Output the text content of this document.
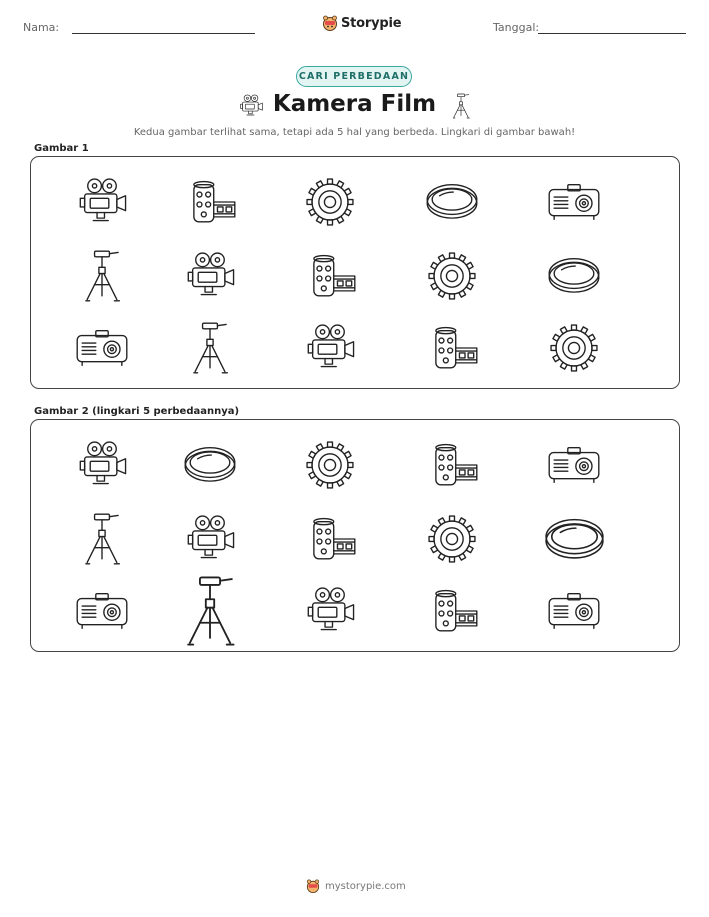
Nama:	Storypie	Tanggal:
CARI PERBEDAAN
Kamera Film
Kedua gambar terlihat sama, tetapi ada 5 hal yang berbeda. Lingkari di gambar bawah!
Gambar 1
Gambar 2 (lingkari 5 perbedaannya)
mystorypie.com
